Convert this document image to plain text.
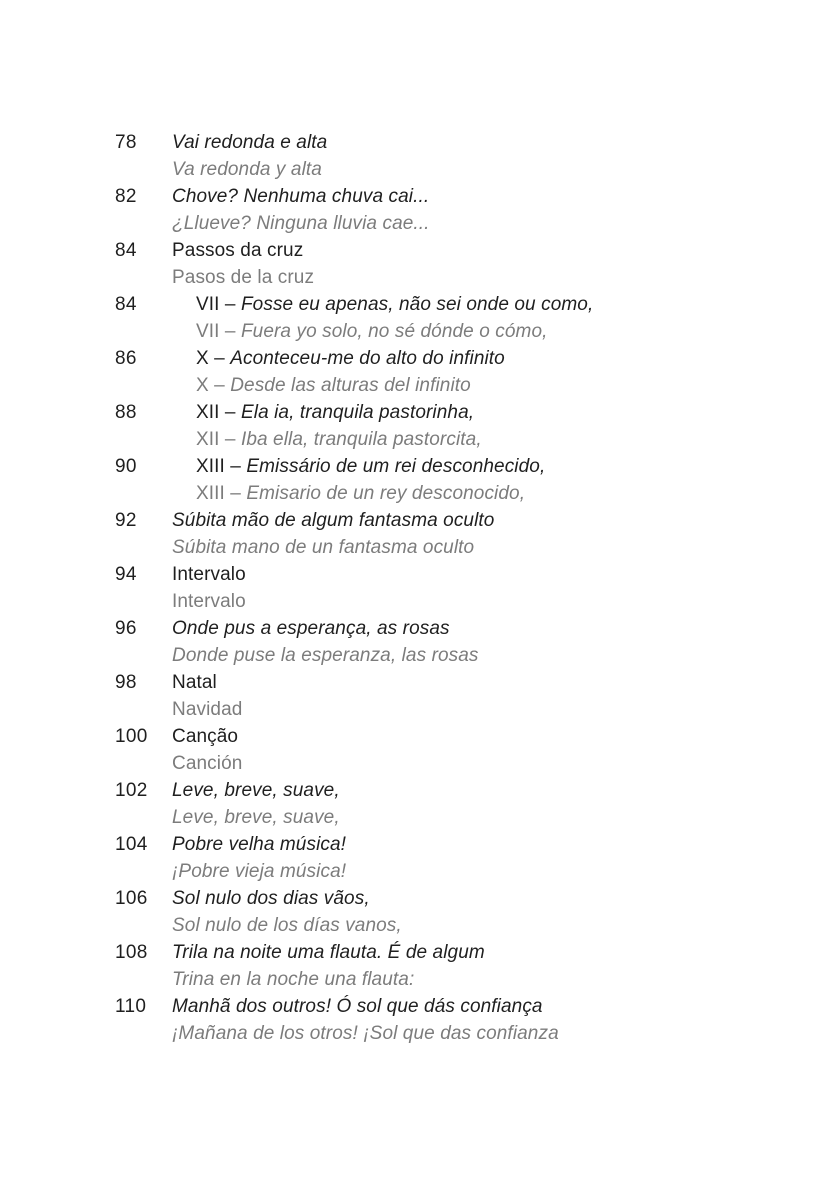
78	Vai redonda e alta
Va redonda y alta
82	Chove? Nenhuma chuva cai...
¿Llueve? Ninguna lluvia cae...
84	Passos da cruz
Pasos de la cruz
84	VII – Fosse eu apenas, não sei onde ou como,
VII – Fuera yo solo, no sé dónde o cómo,
86	X – Aconteceu-me do alto do infinito
X – Desde las alturas del infinito
88	XII – Ela ia, tranquila pastorinha,
XII – Iba ella, tranquila pastorcita,
90	XIII – Emissário de um rei desconhecido,
XIII – Emisario de un rey desconocido,
92	Súbita mão de algum fantasma oculto
Súbita mano de un fantasma oculto
94	Intervalo
Intervalo
96	Onde pus a esperança, as rosas
Donde puse la esperanza, las rosas
98	Natal
Navidad
100	Canção
Canción
102	Leve, breve, suave,
Leve, breve, suave,
104	Pobre velha música!
¡Pobre vieja música!
106	Sol nulo dos dias vãos,
Sol nulo de los días vanos,
108	Trila na noite uma flauta. É de algum
Trina en la noche una flauta:
110	Manhã dos outros! Ó sol que dás confiança
¡Mañana de los otros! ¡Sol que das confianza
